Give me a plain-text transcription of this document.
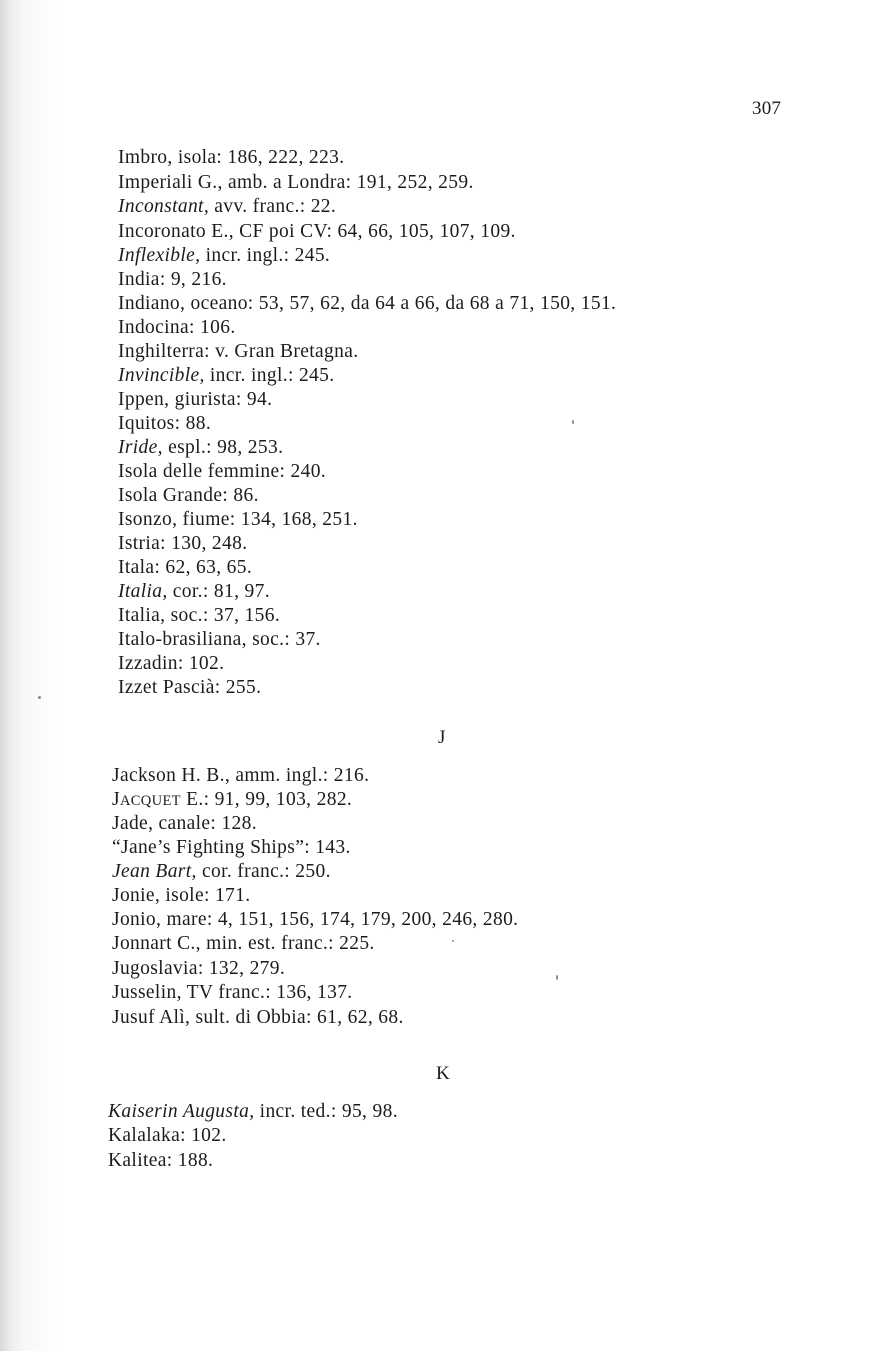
307
Imbro, isola: 186, 222, 223.
Imperiali G., amb. a Londra: 191, 252, 259.
Inconstant, avv. franc.: 22.
Incoronato E., CF poi CV: 64, 66, 105, 107, 109.
Inflexible, incr. ingl.: 245.
India: 9, 216.
Indiano, oceano: 53, 57, 62, da 64 a 66, da 68 a 71, 150, 151.
Indocina: 106.
Inghilterra: v. Gran Bretagna.
Invincible, incr. ingl.: 245.
Ippen, giurista: 94.
Iquitos: 88.
Iride, espl.: 98, 253.
Isola delle femmine: 240.
Isola Grande: 86.
Isonzo, fiume: 134, 168, 251.
Istria: 130, 248.
Itala: 62, 63, 65.
Italia, cor.: 81, 97.
Italia, soc.: 37, 156.
Italo-brasiliana, soc.: 37.
Izzadin: 102.
Izzet Pascià: 255.
J
Jackson H. B., amm. ingl.: 216.
JACQUET E.: 91, 99, 103, 282.
Jade, canale: 128.
“Jane’s Fighting Ships”: 143.
Jean Bart, cor. franc.: 250.
Jonie, isole: 171.
Jonio, mare: 4, 151, 156, 174, 179, 200, 246, 280.
Jonnart C., min. est. franc.: 225.
Jugoslavia: 132, 279.
Jusselin, TV franc.: 136, 137.
Jusuf Alì, sult. di Obbia: 61, 62, 68.
K
Kaiserin Augusta, incr. ted.: 95, 98.
Kalalaka: 102.
Kalitea: 188.
